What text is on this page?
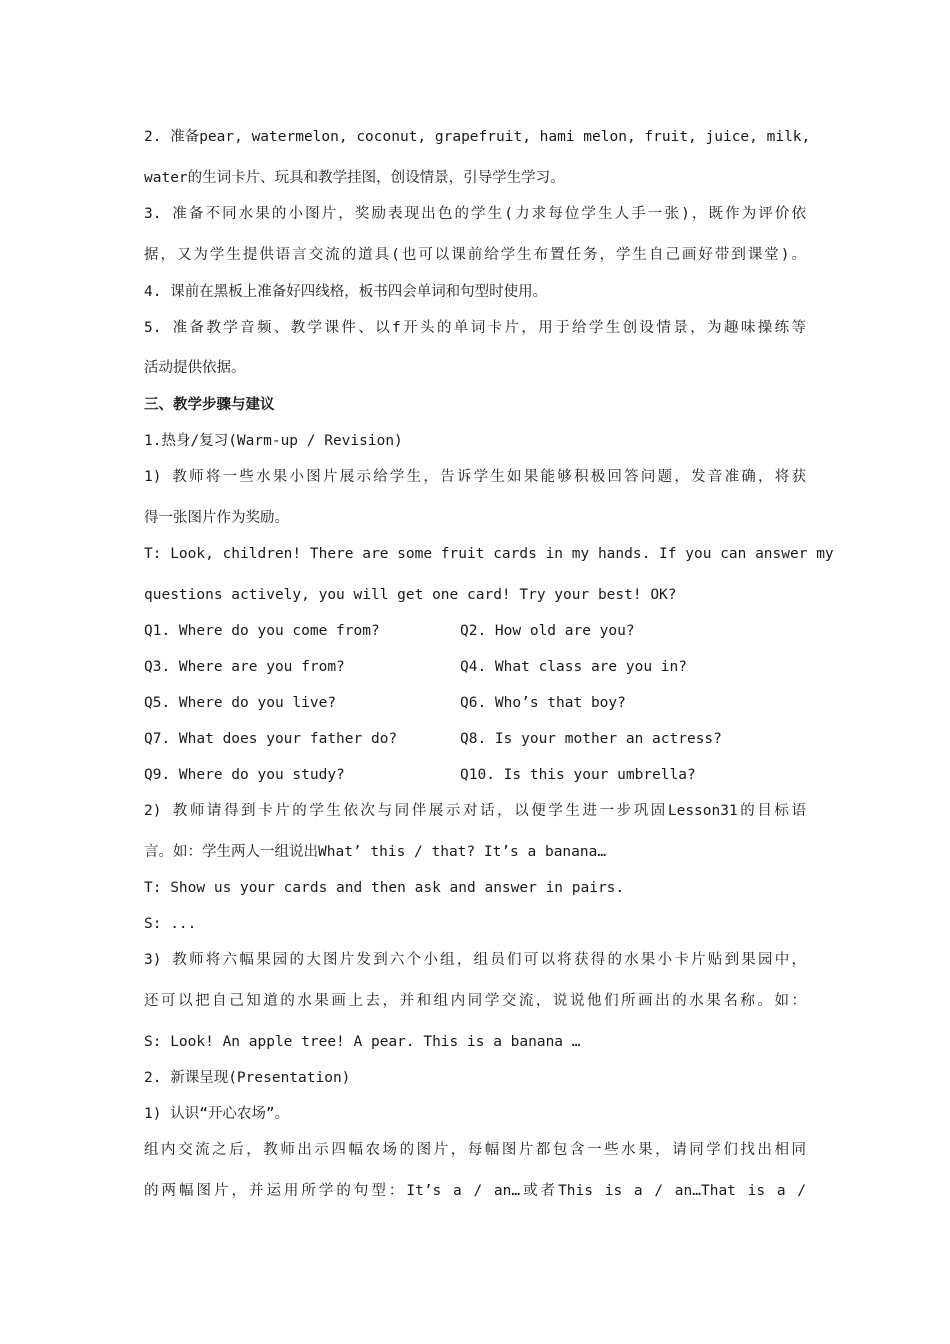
2. 准备pear, watermelon, coconut, grapefruit, hami melon, fruit, juice, milk,
water的生词卡片、玩具和教学挂图，创设情景，引导学生学习。
3. 准备不同水果的小图片，奖励表现出色的学生(力求每位学生人手一张)，既作为评价依
据，又为学生提供语言交流的道具(也可以课前给学生布置任务，学生自己画好带到课堂)。
4. 课前在黑板上准备好四线格，板书四会单词和句型时使用。
5. 准备教学音频、教学课件、以f开头的单词卡片，用于给学生创设情景，为趣味操练等
活动提供依据。
三、教学步骤与建议
1.热身/复习(Warm-up / Revision)
1) 教师将一些水果小图片展示给学生，告诉学生如果能够积极回答问题，发音准确，将获
得一张图片作为奖励。
T: Look, children! There are some fruit cards in my hands. If you can answer my
questions actively, you will get one card! Try your best! OK?
Q1. Where do you come from?	Q2. How old are you?
Q3. Where are you from?	Q4. What class are you in?
Q5. Where do you live?	Q6. Who’s that boy?
Q7. What does your father do?	Q8. Is your mother an actress?
Q9. Where do you study?	Q10. Is this your umbrella?
2) 教师请得到卡片的学生依次与同伴展示对话，以便学生进一步巩固Lesson31的目标语
言。如：学生两人一组说出What’ this / that? It’s a banana…
T: Show us your cards and then ask and answer in pairs.
S: ...
3) 教师将六幅果园的大图片发到六个小组，组员们可以将获得的水果小卡片贴到果园中，
还可以把自己知道的水果画上去，并和组内同学交流，说说他们所画出的水果名称。如：
S: Look! An apple tree! A pear. This is a banana …
2. 新课呈现(Presentation)
1) 认识“开心农场”。
组内交流之后，教师出示四幅农场的图片，每幅图片都包含一些水果，请同学们找出相同
的两幅图片，并运用所学的句型：It’s a / an…或者This is a / an…That is a /
